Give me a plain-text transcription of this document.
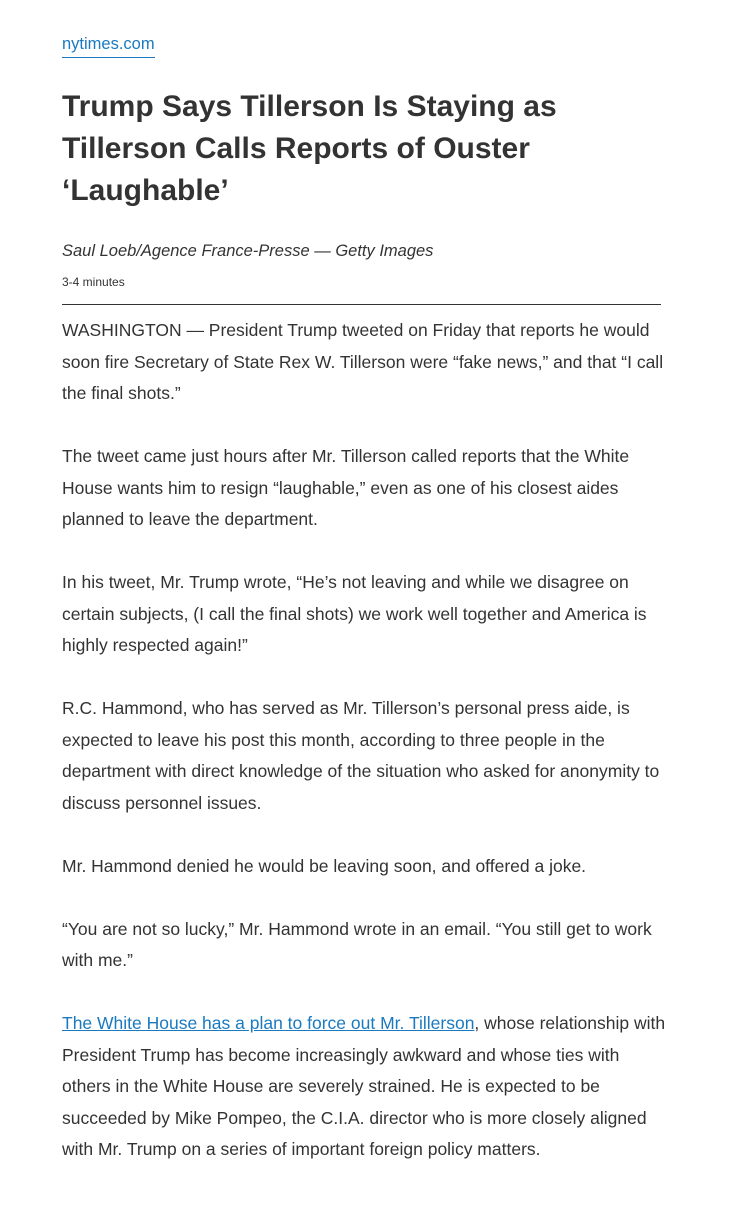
nytimes.com
Trump Says Tillerson Is Staying as Tillerson Calls Reports of Ouster ‘Laughable’
Saul Loeb/Agence France-Presse — Getty Images
3-4 minutes

WASHINGTON — President Trump tweeted on Friday that reports he would soon fire Secretary of State Rex W. Tillerson were “fake news,” and that “I call the final shots.”

The tweet came just hours after Mr. Tillerson called reports that the White House wants him to resign “laughable,” even as one of his closest aides planned to leave the department.

In his tweet, Mr. Trump wrote, “He’s not leaving and while we disagree on certain subjects, (I call the final shots) we work well together and America is highly respected again!”

R.C. Hammond, who has served as Mr. Tillerson’s personal press aide, is expected to leave his post this month, according to three people in the department with direct knowledge of the situation who asked for anonymity to discuss personnel issues.

Mr. Hammond denied he would be leaving soon, and offered a joke.

“You are not so lucky,” Mr. Hammond wrote in an email. “You still get to work with me.”

The White House has a plan to force out Mr. Tillerson, whose relationship with President Trump has become increasingly awkward and whose ties with others in the White House are severely strained. He is expected to be succeeded by Mike Pompeo, the C.I.A. director who is more closely aligned with Mr. Trump on a series of important foreign policy matters.
